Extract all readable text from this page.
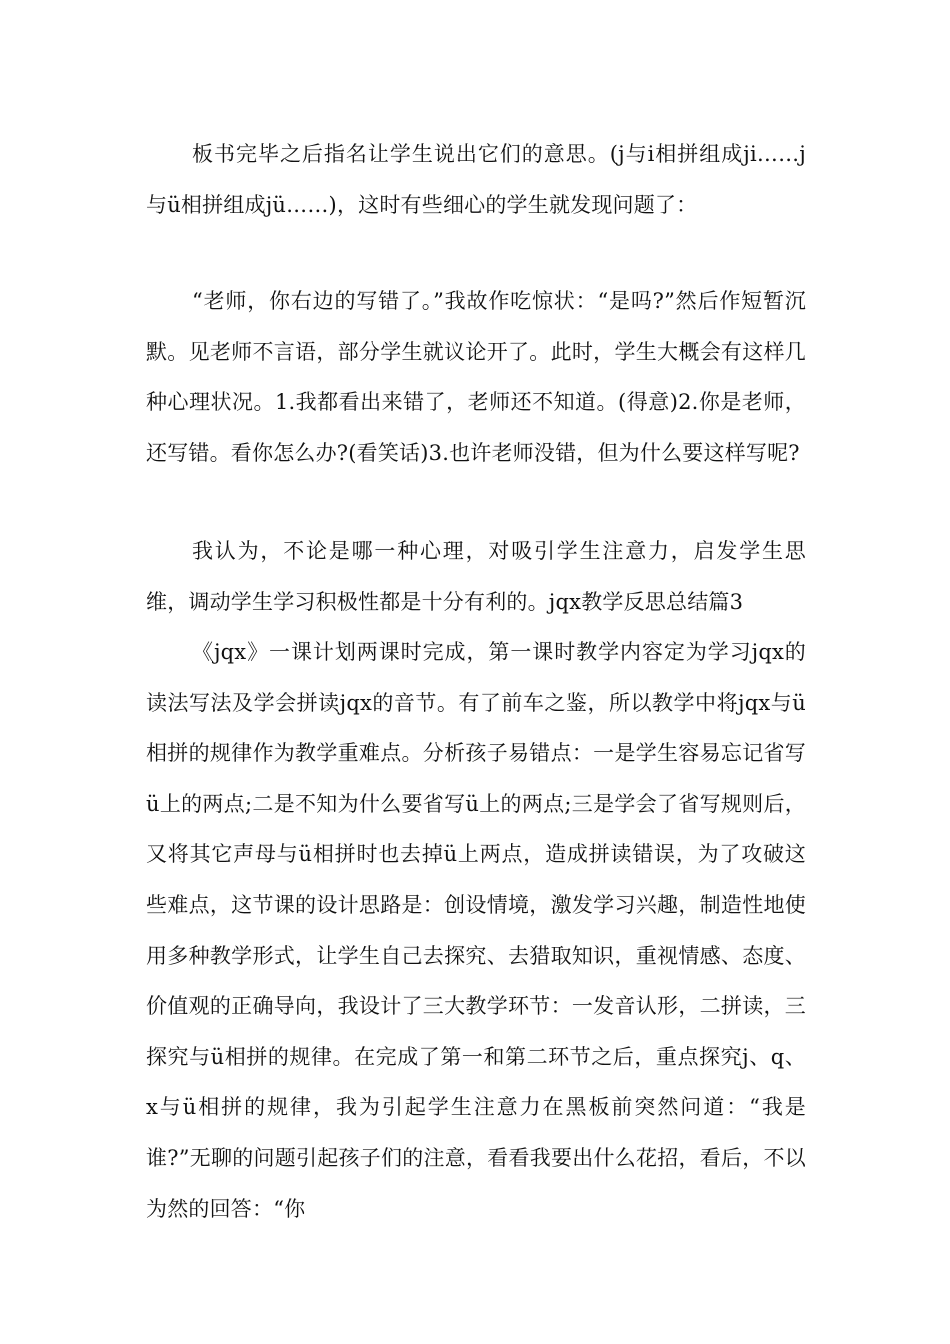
板书完毕之后指名让学生说出它们的意思。(j与i相拼组成ji……j与ü相拼组成jü……)，这时有些细心的学生就发现问题了：

“老师，你右边的写错了。”我故作吃惊状：“是吗?”然后作短暂沉默。见老师不言语，部分学生就议论开了。此时，学生大概会有这样几种心理状况。1.我都看出来错了，老师还不知道。(得意)2.你是老师，还写错。看你怎么办?(看笑话)3.也许老师没错，但为什么要这样写呢?

我认为，不论是哪一种心理，对吸引学生注意力，启发学生思维，调动学生学习积极性都是十分有利的。jqx教学反思总结篇3

《jqx》一课计划两课时完成，第一课时教学内容定为学习jqx的读法写法及学会拼读jqx的音节。有了前车之鉴，所以教学中将jqx与ü相拼的规律作为教学重难点。分析孩子易错点：一是学生容易忘记省写ü上的两点;二是不知为什么要省写ü上的两点;三是学会了省写规则后，又将其它声母与ü相拼时也去掉ü上两点，造成拼读错误，为了攻破这些难点，这节课的设计思路是：创设情境，激发学习兴趣，制造性地使用多种教学形式，让学生自己去探究、去猎取知识，重视情感、态度、价值观的正确导向，我设计了三大教学环节：一发音认形，二拼读，三探究与ü相拼的规律。在完成了第一和第二环节之后，重点探究j、q、x与ü相拼的规律，我为引起学生注意力在黑板前突然问道：“我是谁?”无聊的问题引起孩子们的注意，看看我要出什么花招，看后，不以为然的回答：“你
